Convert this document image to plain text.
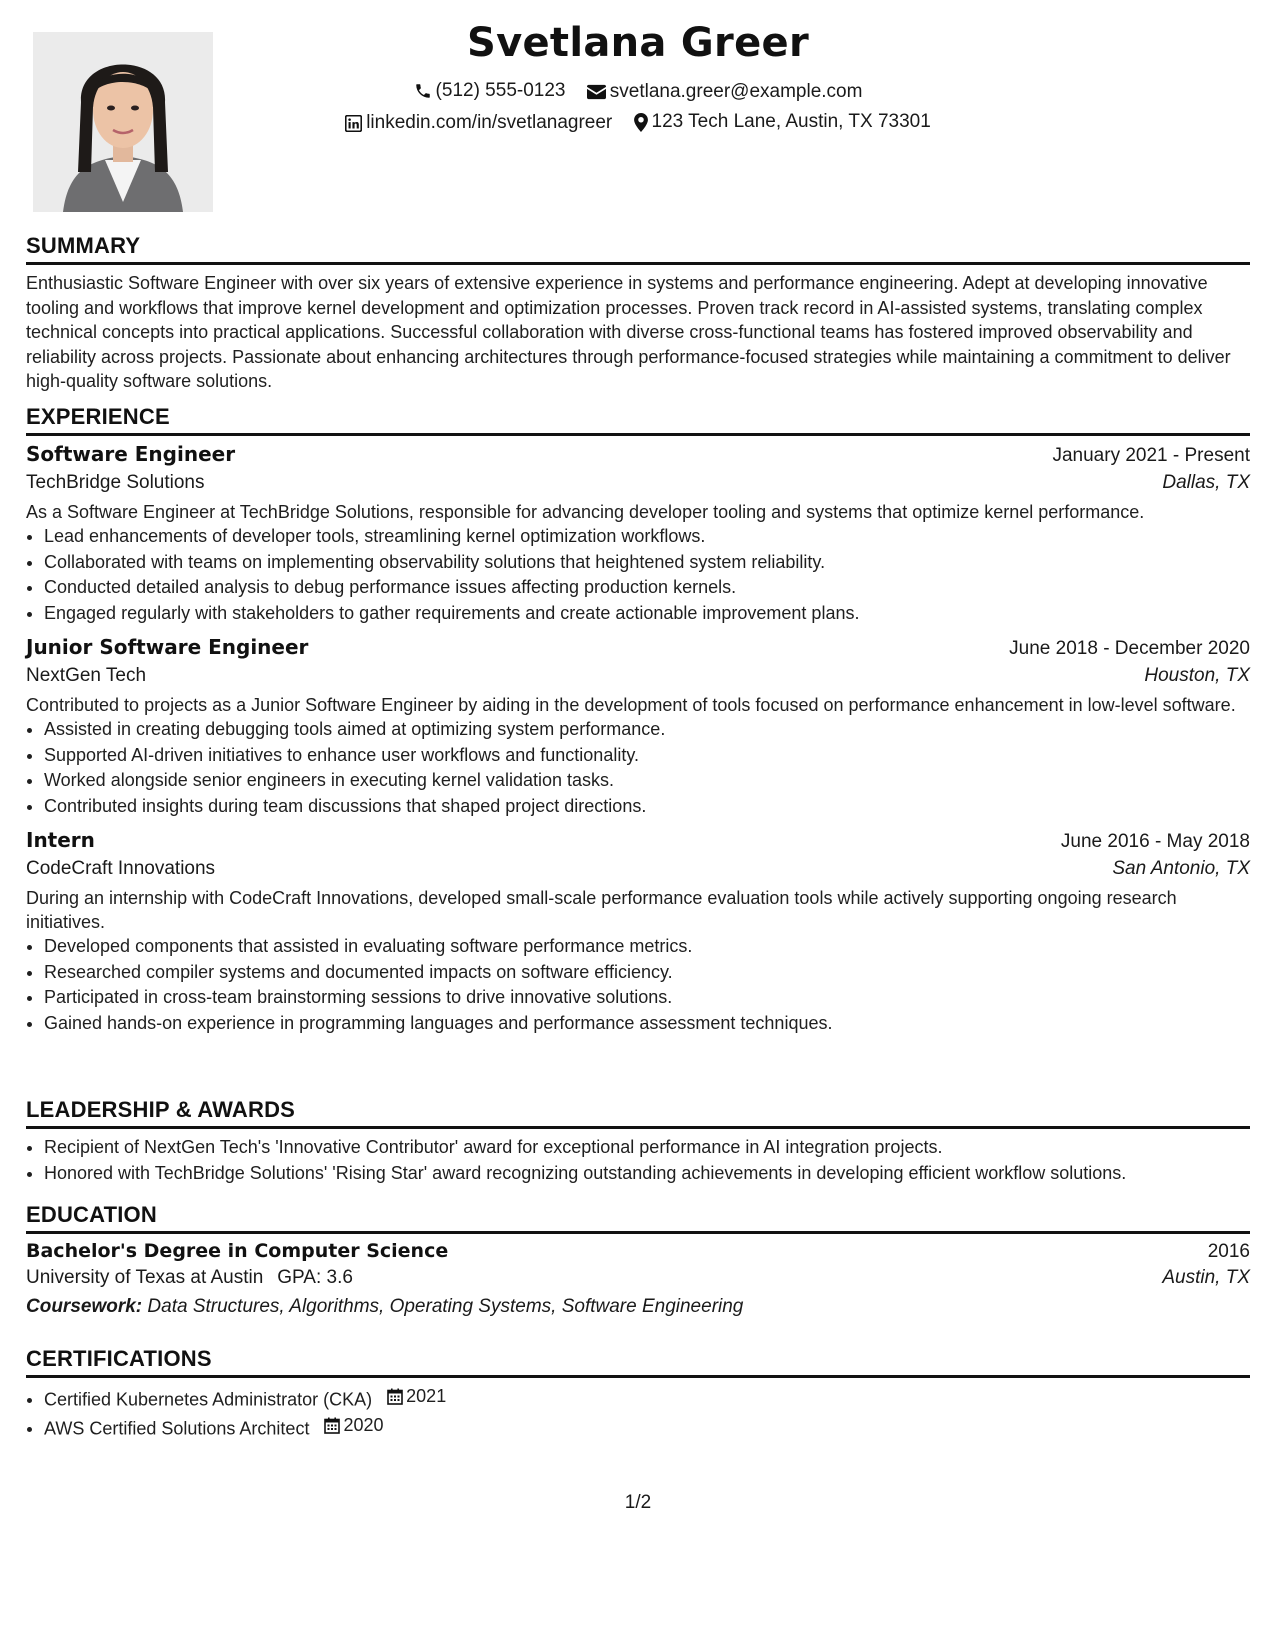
Svetlana Greer
(512) 555-0123
svetlana.greer@example.com
linkedin.com/in/svetlanagreer
123 Tech Lane, Austin, TX 73301
SUMMARY
Enthusiastic Software Engineer with over six years of extensive experience in systems and performance engineering. Adept at developing innovative tooling and workflows that improve kernel development and optimization processes. Proven track record in AI-assisted systems, translating complex technical concepts into practical applications. Successful collaboration with diverse cross-functional teams has fostered improved observability and reliability across projects. Passionate about enhancing architectures through performance-focused strategies while maintaining a commitment to deliver high-quality software solutions.
EXPERIENCE
Software Engineer	January 2021 - Present
TechBridge Solutions	Dallas, TX
As a Software Engineer at TechBridge Solutions, responsible for advancing developer tooling and systems that optimize kernel performance.
• Lead enhancements of developer tools, streamlining kernel optimization workflows.
• Collaborated with teams on implementing observability solutions that heightened system reliability.
• Conducted detailed analysis to debug performance issues affecting production kernels.
• Engaged regularly with stakeholders to gather requirements and create actionable improvement plans.
Junior Software Engineer	June 2018 - December 2020
NextGen Tech	Houston, TX
Contributed to projects as a Junior Software Engineer by aiding in the development of tools focused on performance enhancement in low-level software.
• Assisted in creating debugging tools aimed at optimizing system performance.
• Supported AI-driven initiatives to enhance user workflows and functionality.
• Worked alongside senior engineers in executing kernel validation tasks.
• Contributed insights during team discussions that shaped project directions.
Intern	June 2016 - May 2018
CodeCraft Innovations	San Antonio, TX
During an internship with CodeCraft Innovations, developed small-scale performance evaluation tools while actively supporting ongoing research initiatives.
• Developed components that assisted in evaluating software performance metrics.
• Researched compiler systems and documented impacts on software efficiency.
• Participated in cross-team brainstorming sessions to drive innovative solutions.
• Gained hands-on experience in programming languages and performance assessment techniques.
LEADERSHIP & AWARDS
• Recipient of NextGen Tech's 'Innovative Contributor' award for exceptional performance in AI integration projects.
• Honored with TechBridge Solutions' 'Rising Star' award recognizing outstanding achievements in developing efficient workflow solutions.
EDUCATION
Bachelor's Degree in Computer Science	2016
University of Texas at Austin GPA: 3.6	Austin, TX
Coursework: Data Structures, Algorithms, Operating Systems, Software Engineering
CERTIFICATIONS
• Certified Kubernetes Administrator (CKA) 2021
• AWS Certified Solutions Architect 2020
1/2
